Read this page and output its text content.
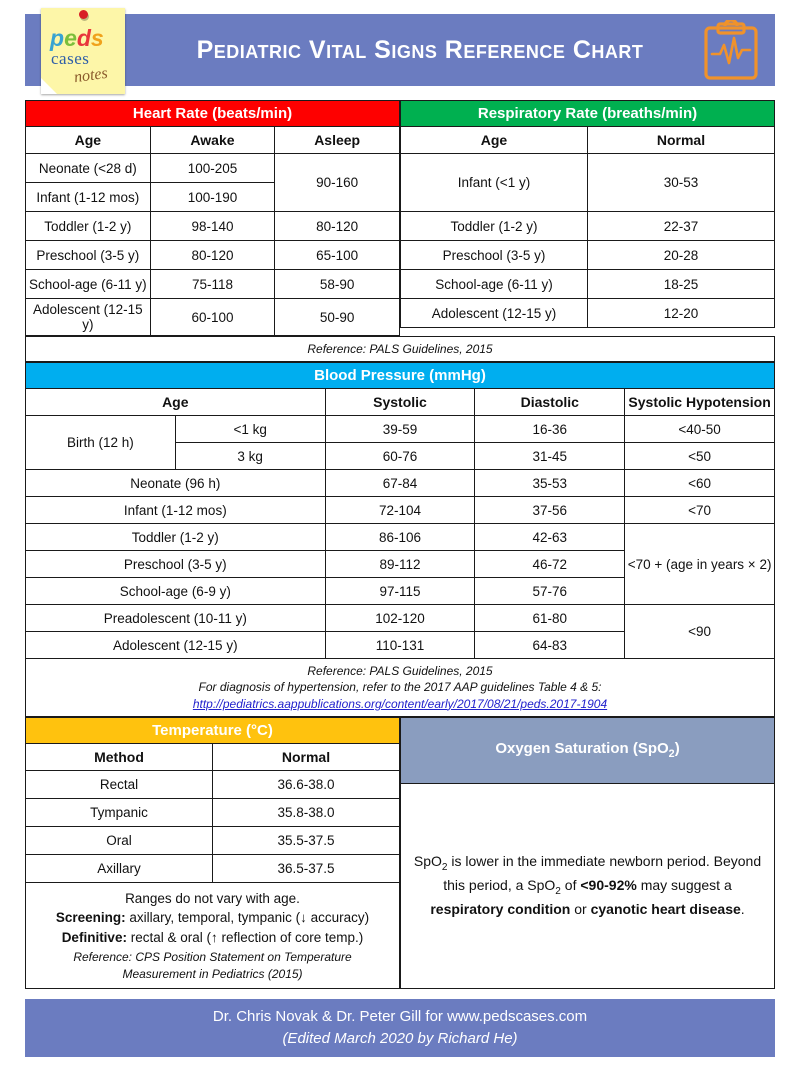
peds
cases
notes
Pediatric Vital Signs Reference Chart
Heart Rate (beats/min)		
Age	Awake	Asleep
Neonate (<28 d)	100-205	90-160
Infant (1-12 mos)	100-190	
Toddler (1-2 y)	98-140	80-120
Preschool (3-5 y)	80-120	65-100
School-age (6-11 y)	75-118	58-90
Adolescent (12-15 y)	60-100	50-90
Respiratory Rate (breaths/min)	
Age	Normal
Infant (<1 y)	30-53
Toddler (1-2 y)	22-37
Preschool (3-5 y)	20-28
School-age (6-11 y)	18-25
Adolescent (12-15 y)	12-20
Reference: PALS Guidelines, 2015
Blood Pressure (mmHg)				
Age		Systolic	Diastolic	Systolic Hypotension
Birth (12 h)	<1 kg	39-59	16-36	<40-50
	3 kg	60-76	31-45	<50
Neonate (96 h)		67-84	35-53	<60
Infant (1-12 mos)		72-104	37-56	<70
Toddler (1-2 y)		86-106	42-63	<70 + (age in years × 2)
Preschool (3-5 y)		89-112	46-72	
School-age (6-9 y)		97-115	57-76	
Preadolescent (10-11 y)		102-120	61-80	<90
Adolescent (12-15 y)		110-131	64-83	

Reference: PALS Guidelines, 2015
For diagnosis of hypertension, refer to the 2017 AAP guidelines Table 4 & 5:
http://pediatrics.aappublications.org/content/early/2017/08/21/peds.2017-1904				
Temperature (°C)	
Method	Normal
Rectal	36.6-38.0
Tympanic	35.8-38.0
Oral	35.5-37.5
Axillary	36.5-37.5

Ranges do not vary with age.
Screening: axillary, temporal, tympanic (↓ accuracy)
Definitive: rectal & oral (↑ reflection of core temp.)
Reference: CPS Position Statement on Temperature
Measurement in Pediatrics (2015)	
Oxygen Saturation (SpO$_2$)
SpO$_2$ is lower in the immediate newborn period. Beyond this period, a SpO$_2$ of <90-92% may suggest a respiratory condition or cyanotic heart disease.
Dr. Chris Novak & Dr. Peter Gill for www.pedscases.com
(Edited March 2020 by Richard He)
